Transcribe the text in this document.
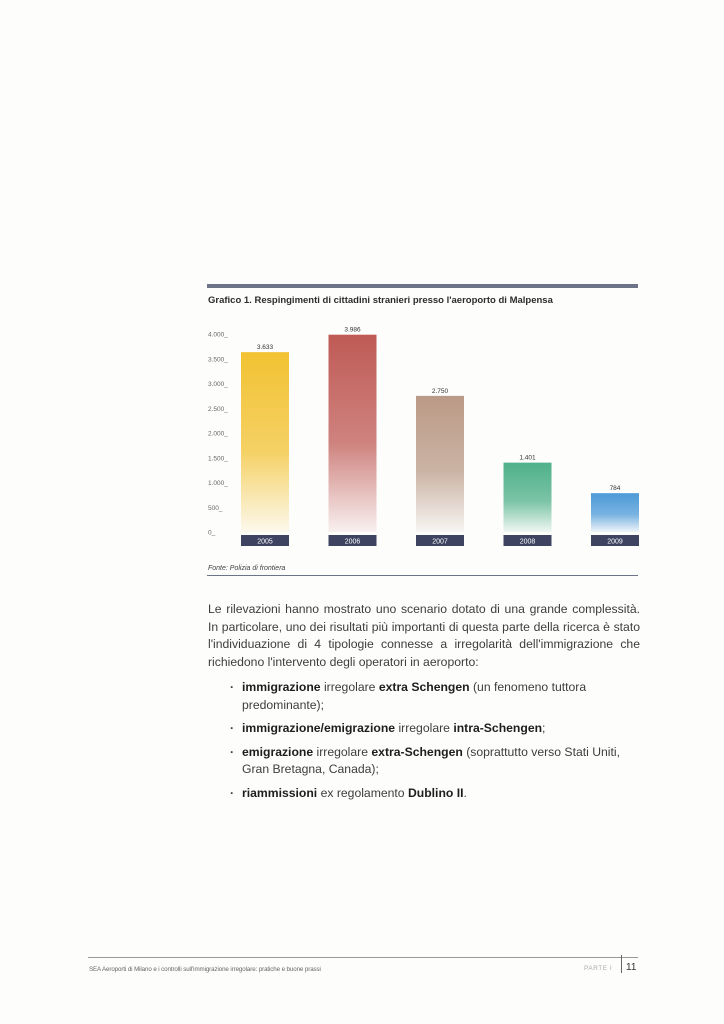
Grafico 1. Respingimenti di cittadini stranieri presso l'aeroporto di Malpensa
0_
500_
1.000_
1.500_
2.000_
2.500_
3.000_
3.500_
4.000_
3.633
2005
3.986
2006
2.750
2007
1.401
2008
784
2009
Fonte: Polizia di frontiera
Le rilevazioni hanno mostrato uno scenario dotato di una grande complessità. In particolare, uno dei risultati più importanti di questa parte della ricerca è stato l'individuazione di 4 tipologie connesse a irregolarità dell'immigrazione che richiedono l'intervento degli operatori in aeroporto:
· immigrazione irregolare extra Schengen (un fenomeno tuttora predominante);
· immigrazione/emigrazione irregolare intra-Schengen;
· emigrazione irregolare extra-Schengen (soprattutto verso Stati Uniti, Gran Bretagna, Canada);
· riammissioni ex regolamento Dublino II.
SEA Aeroporti di Milano e i controlli sull'immigrazione irregolare: pratiche e buone prassi	PARTE I 11
